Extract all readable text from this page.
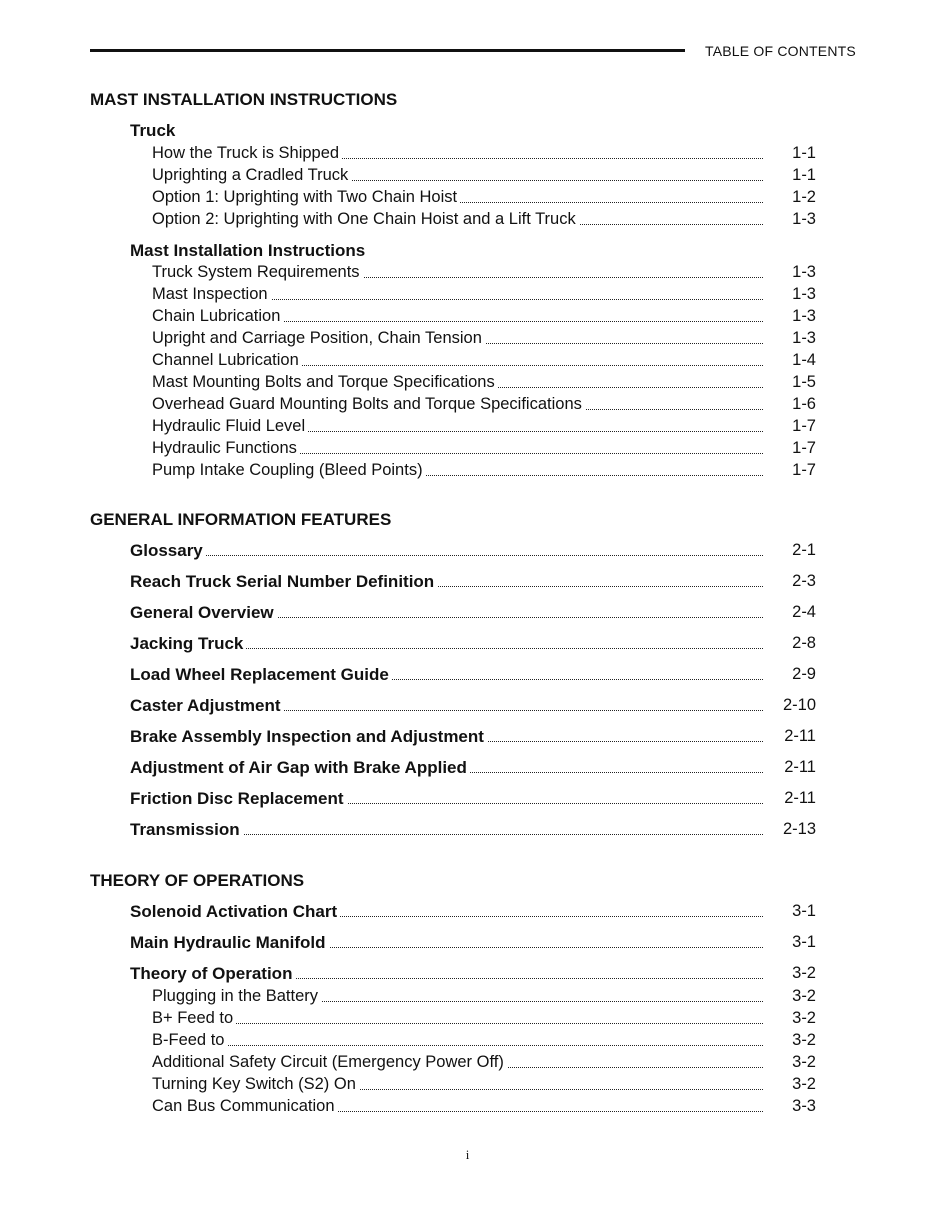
TABLE OF CONTENTS
MAST INSTALLATION INSTRUCTIONS
Truck
How the Truck is Shipped	1-1
Uprighting a Cradled Truck	1-1
Option 1: Uprighting with Two Chain Hoist	1-2
Option 2: Uprighting with One Chain Hoist and a Lift Truck	1-3
Mast Installation Instructions
Truck System Requirements	1-3
Mast Inspection	1-3
Chain Lubrication	1-3
Upright and Carriage Position, Chain Tension	1-3
Channel Lubrication	1-4
Mast Mounting Bolts and Torque Specifications	1-5
Overhead Guard Mounting Bolts and Torque Specifications	1-6
Hydraulic Fluid Level	1-7
Hydraulic Functions	1-7
Pump Intake Coupling (Bleed Points)	1-7
GENERAL INFORMATION FEATURES
Glossary	2-1
Reach Truck Serial Number Definition	2-3
General Overview	2-4
Jacking Truck	2-8
Load Wheel Replacement Guide	2-9
Caster Adjustment	2-10
Brake Assembly Inspection and Adjustment	2-11
Adjustment of Air Gap with Brake Applied	2-11
Friction Disc Replacement	2-11
Transmission	2-13
THEORY OF OPERATIONS
Solenoid Activation Chart	3-1
Main Hydraulic Manifold	3-1
Theory of Operation	3-2
Plugging in the Battery	3-2
B+ Feed to	3-2
B-Feed to	3-2
Additional Safety Circuit (Emergency Power Off)	3-2
Turning Key Switch (S2) On	3-2
Can Bus Communication	3-3
i
